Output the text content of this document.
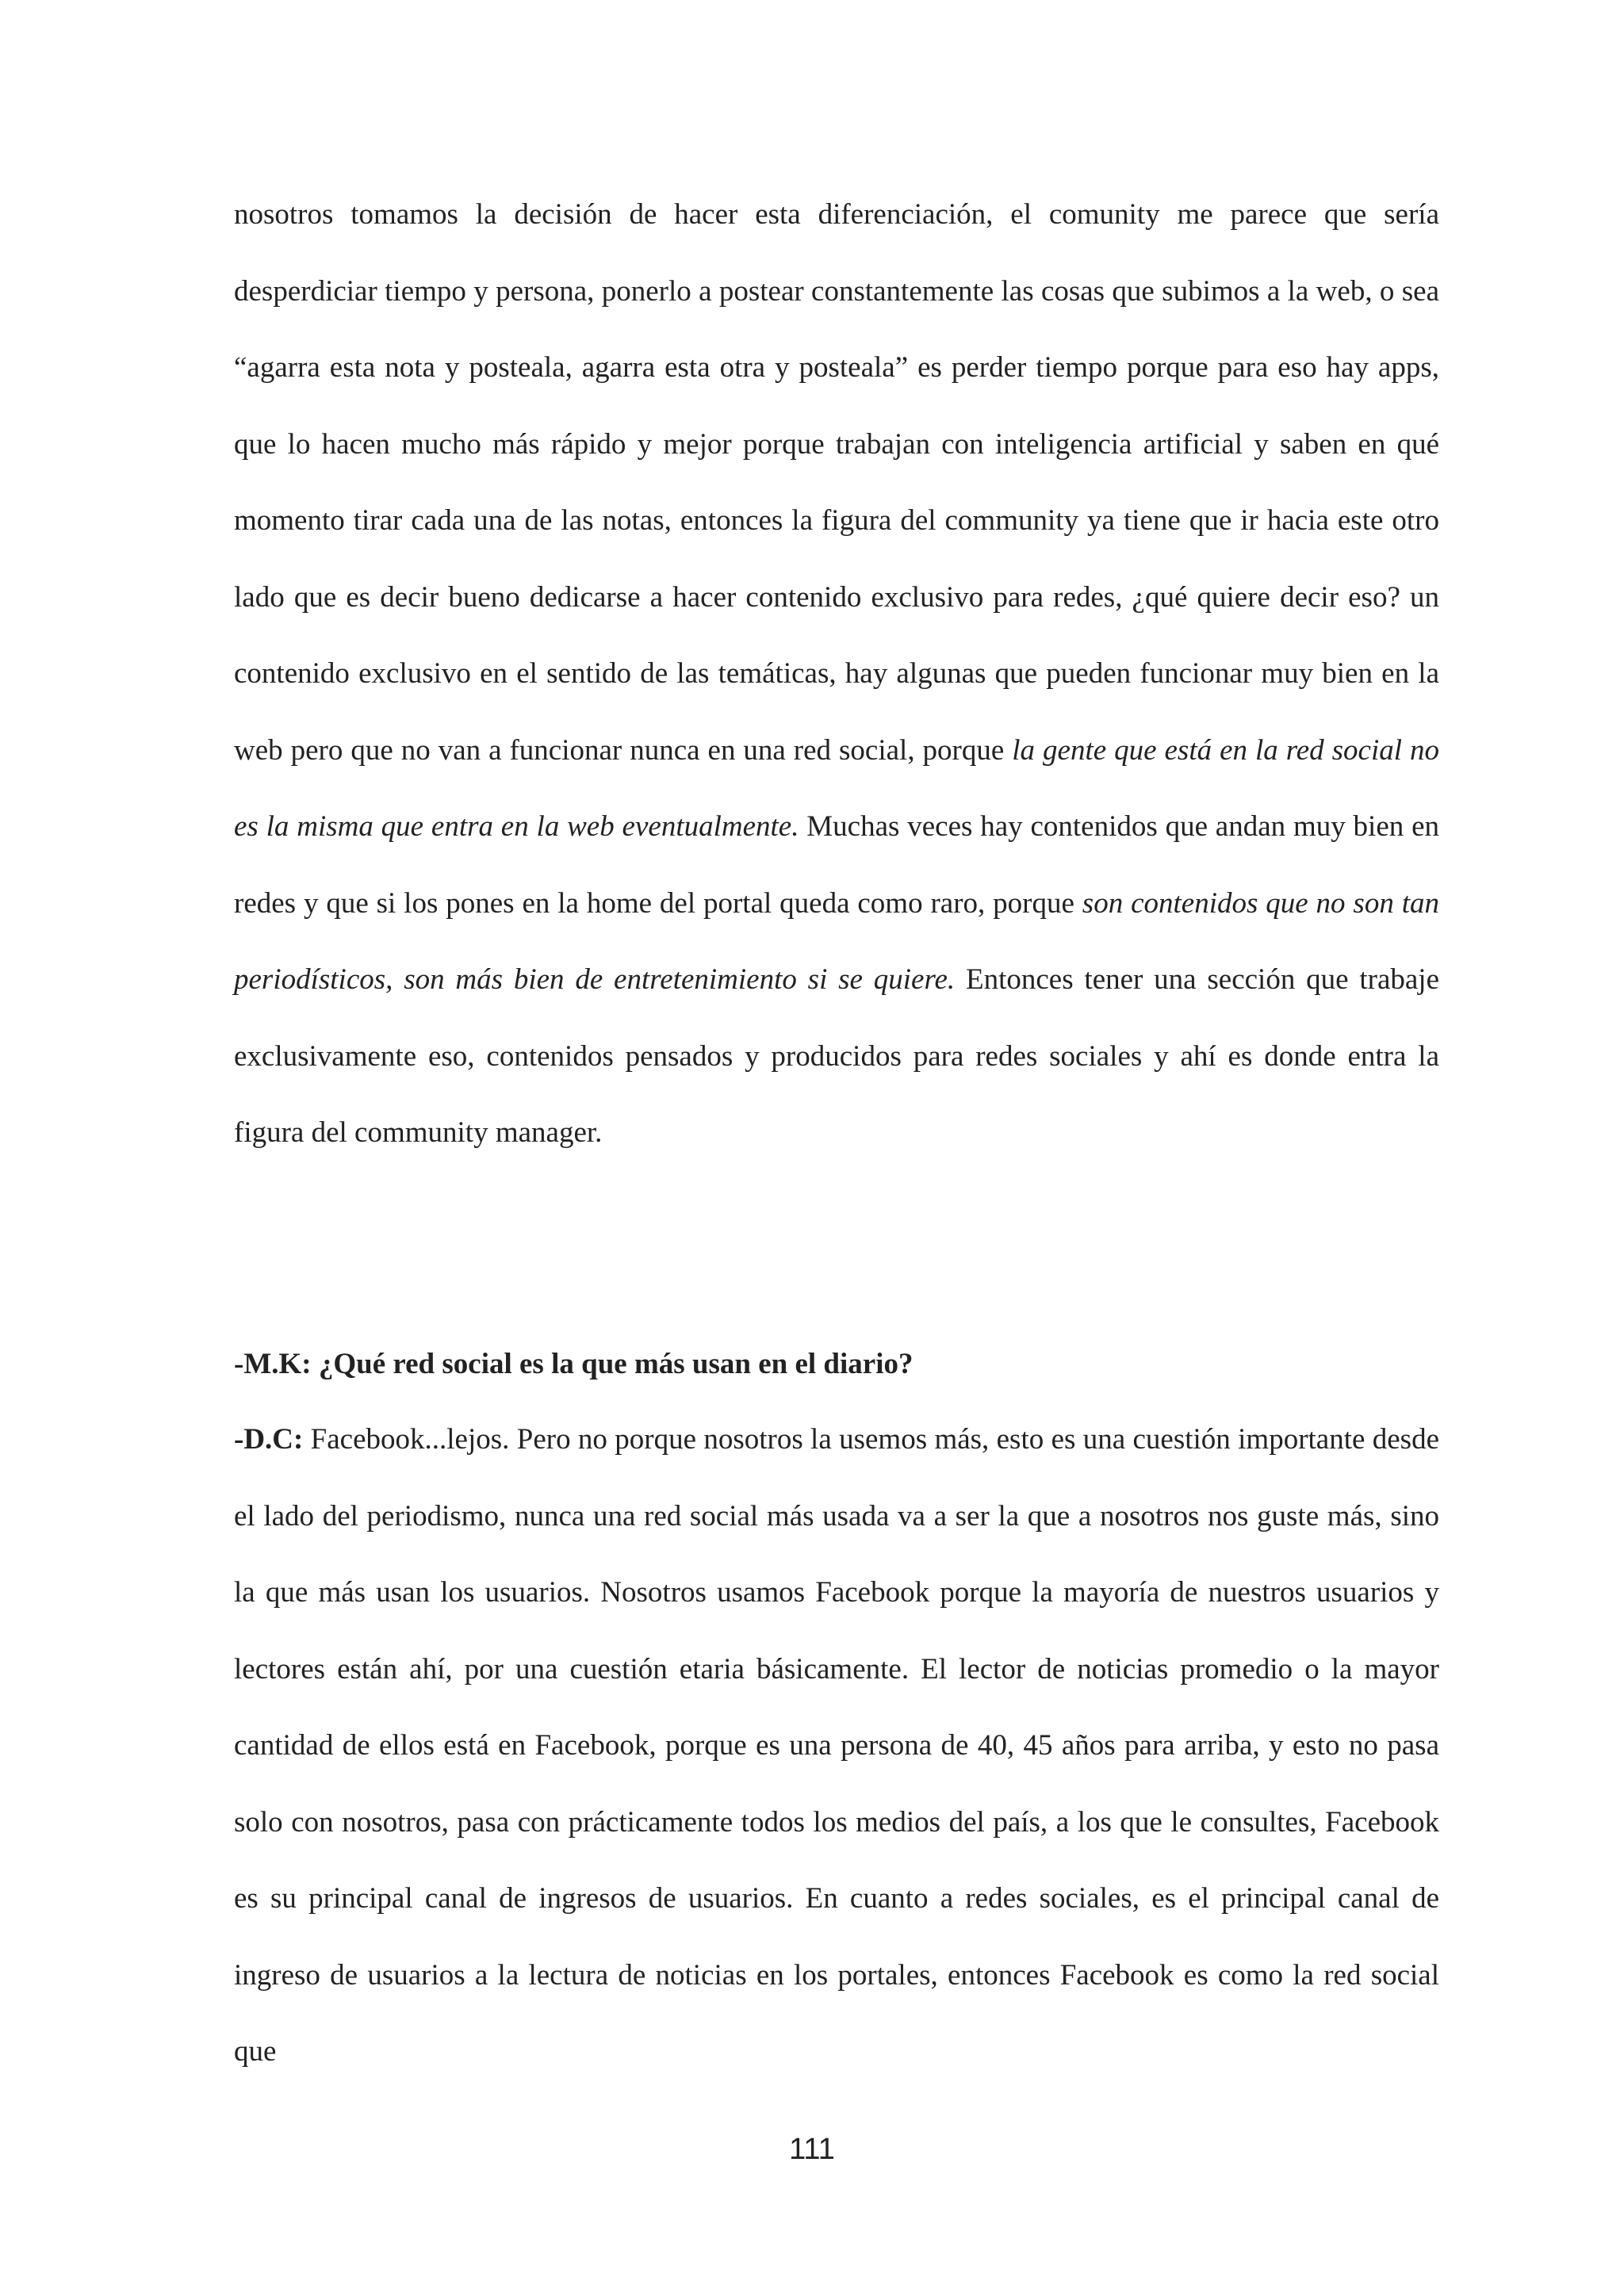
nosotros tomamos la decisión de hacer esta diferenciación, el comunity me parece que sería desperdiciar tiempo y persona, ponerlo a postear constantemente las cosas que subimos a la web, o sea “agarra esta nota y posteala, agarra esta otra y posteala” es perder tiempo porque para eso hay apps, que lo hacen mucho más rápido y mejor porque trabajan con inteligencia artificial y saben en qué momento tirar cada una de las notas, entonces la figura del community ya tiene que ir hacia este otro lado que es decir bueno dedicarse a hacer contenido exclusivo para redes, ¿qué quiere decir eso? un contenido exclusivo en el sentido de las temáticas, hay algunas que pueden funcionar muy bien en la web pero que no van a funcionar nunca en una red social, porque la gente que está en la red social no es la misma que entra en la web eventualmente. Muchas veces hay contenidos que andan muy bien en redes y que si los pones en la home del portal queda como raro, porque son contenidos que no son tan periodísticos, son más bien de entretenimiento si se quiere. Entonces tener una sección que trabaje exclusivamente eso, contenidos pensados y producidos para redes sociales y ahí es donde entra la figura del community manager.

-M.K: ¿Qué red social es la que más usan en el diario?

-D.C: Facebook...lejos. Pero no porque nosotros la usemos más, esto es una cuestión importante desde el lado del periodismo, nunca una red social más usada va a ser la que a nosotros nos guste más, sino la que más usan los usuarios. Nosotros usamos Facebook porque la mayoría de nuestros usuarios y lectores están ahí, por una cuestión etaria básicamente. El lector de noticias promedio o la mayor cantidad de ellos está en Facebook, porque es una persona de 40, 45 años para arriba, y esto no pasa solo con nosotros, pasa con prácticamente todos los medios del país, a los que le consultes, Facebook es su principal canal de ingresos de usuarios. En cuanto a redes sociales, es el principal canal de ingreso de usuarios a la lectura de noticias en los portales, entonces Facebook es como la red social que

111
